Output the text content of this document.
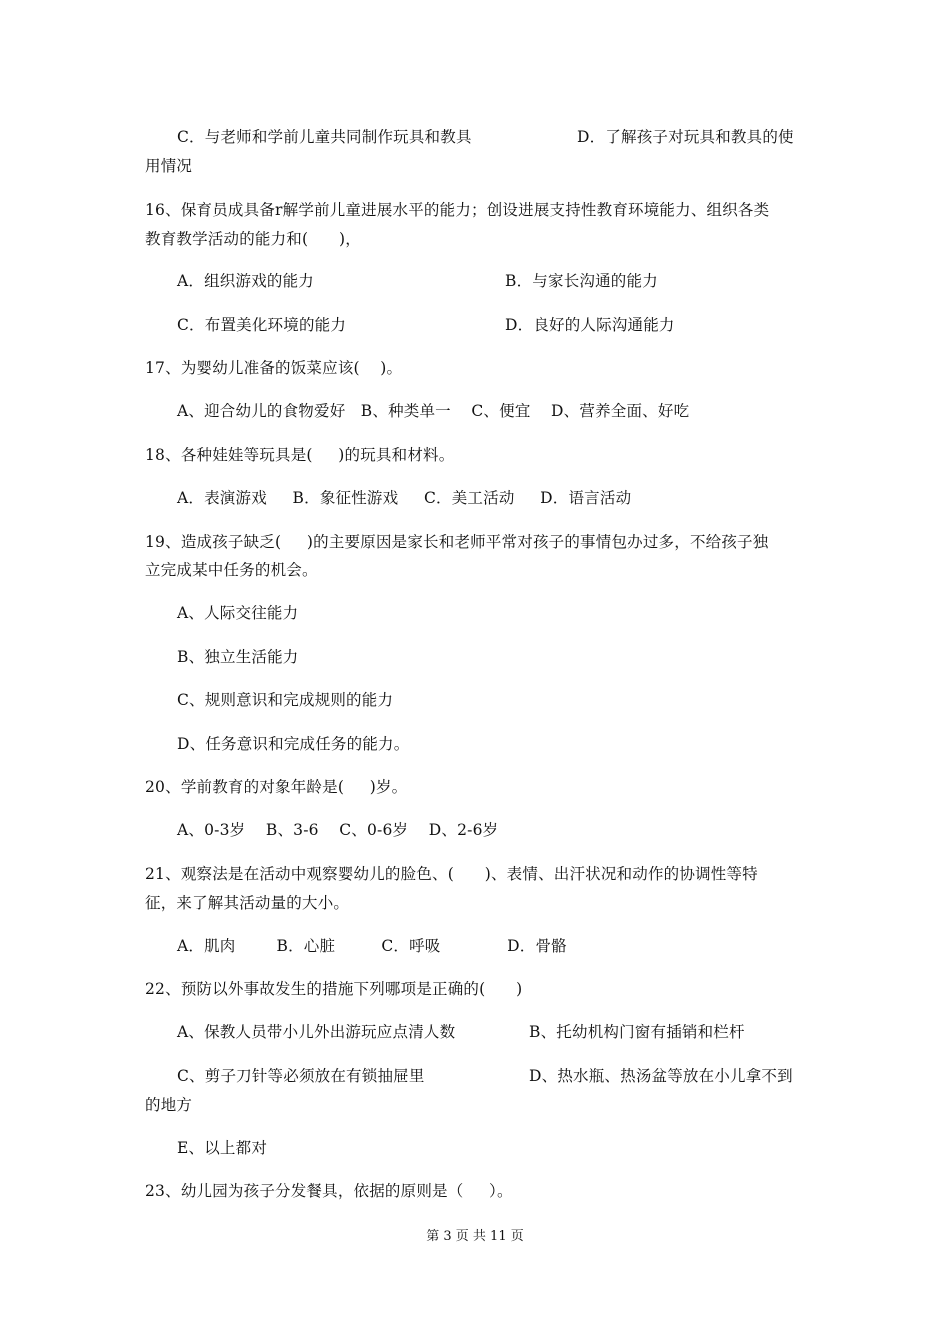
C．与老师和学前儿童共同制作玩具和教具	D．了解孩子对玩具和教具的使
用情况
16、保育员成具备r解学前儿童进展水平的能力；创设进展支持性教育环境能力、组织各类
教育教学活动的能力和(      )，
A．组织游戏的能力	B．与家长沟通的能力
C．布置美化环境的能力	D．良好的人际沟通能力
17、为婴幼儿准备的饭菜应该(    )。
A、迎合幼儿的食物爱好   B、种类单一    C、便宜    D、营养全面、好吃
18、各种娃娃等玩具是(     )的玩具和材料。
A．表演游戏     B．象征性游戏     C．美工活动     D．语言活动
19、造成孩子缺乏(     )的主要原因是家长和老师平常对孩子的事情包办过多，不给孩子独
立完成某中任务的机会。
A、人际交往能力
B、独立生活能力
C、规则意识和完成规则的能力
D、任务意识和完成任务的能力。
20、学前教育的对象年龄是(     )岁。
A、0-3岁    B、3-6    C、0-6岁    D、2-6岁
21、观察法是在活动中观察婴幼儿的脸色、(      )、表情、出汗状况和动作的协调性等特
征，来了解其活动量的大小。
A．肌肉        B．心脏         C．呼吸             D．骨骼
22、预防以外事故发生的措施下列哪项是正确的(      )
A、保教人员带小儿外出游玩应点清人数	B、托幼机构门窗有插销和栏杆
C、剪子刀针等必须放在有锁抽屉里	D、热水瓶、热汤盆等放在小儿拿不到
的地方
E、以上都对
23、幼儿园为孩子分发餐具，依据的原则是（     ）。
第 3 页 共 11 页
